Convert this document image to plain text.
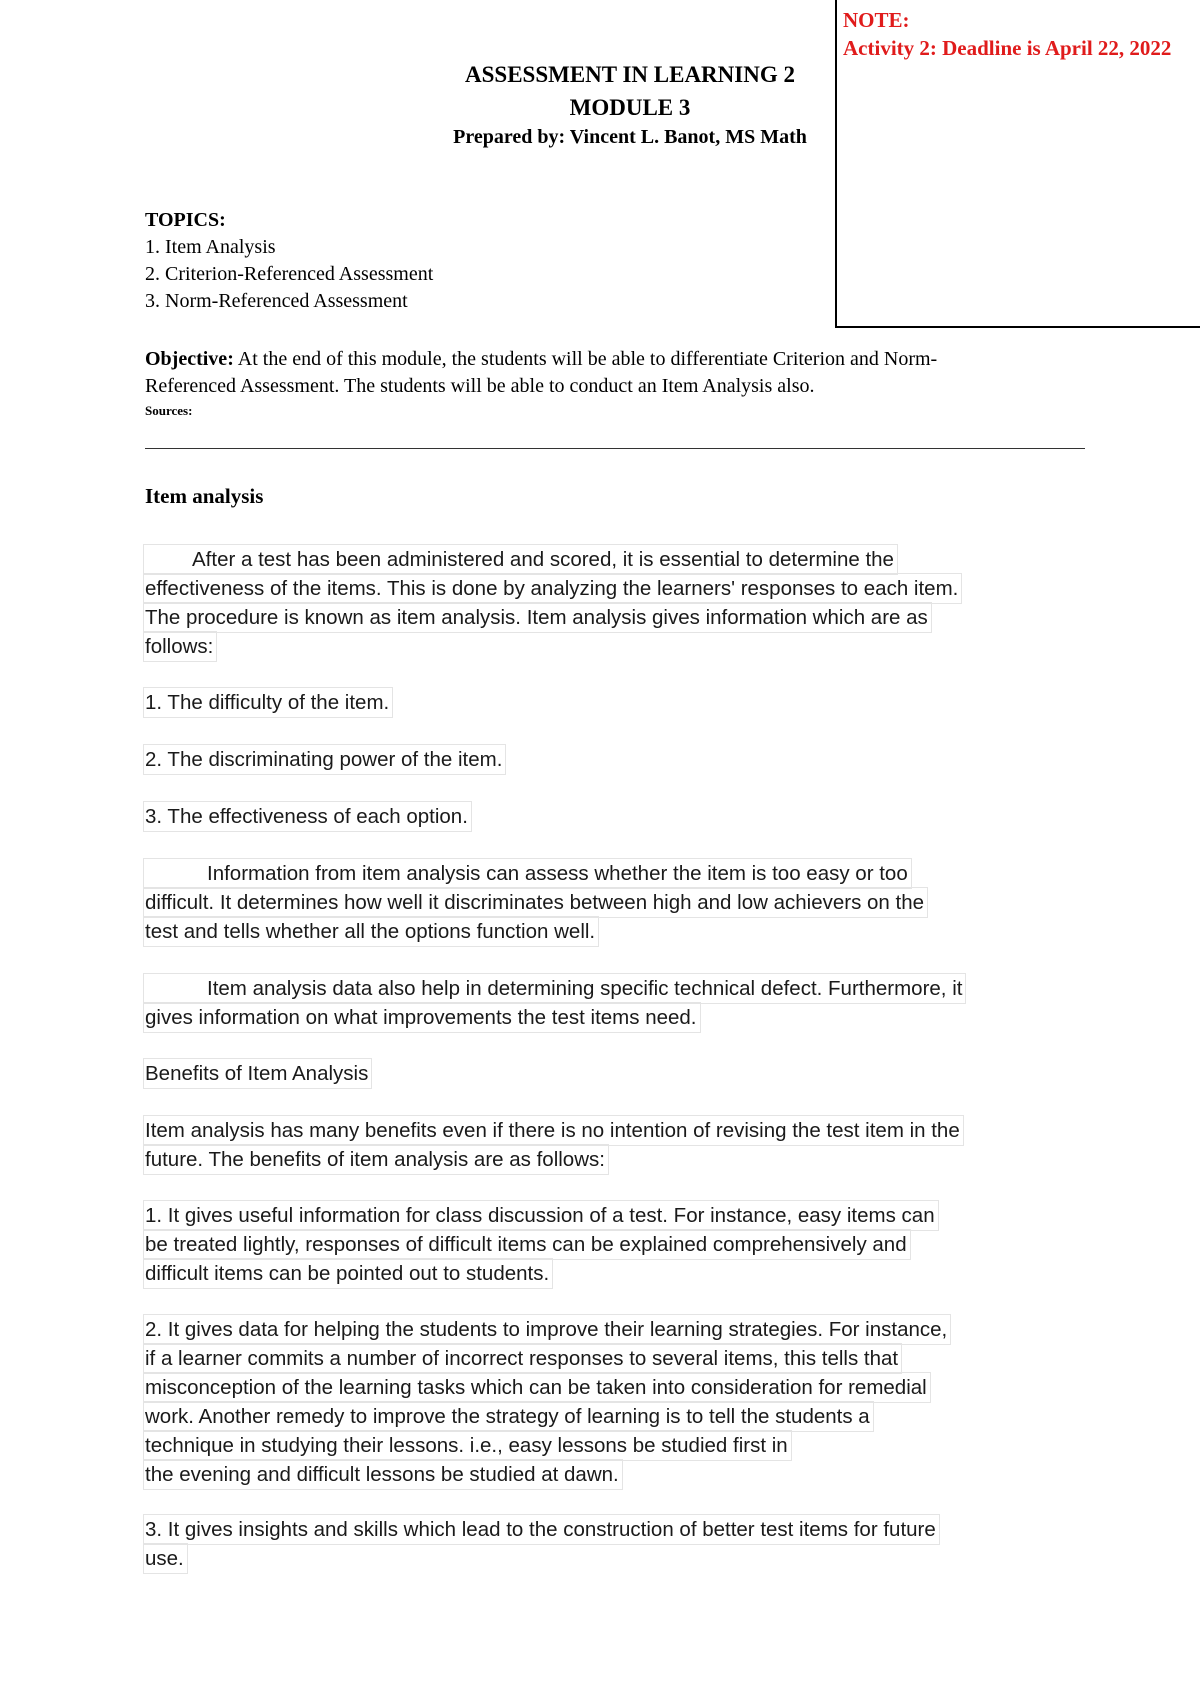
ASSESSMENT IN LEARNING 2
MODULE 3
Prepared by: Vincent L. Banot, MS Math
NOTE:
Activity 2: Deadline is April 22, 2022
TOPICS:
1. Item Analysis
2. Criterion-Referenced Assessment
3. Norm-Referenced Assessment
Objective: At the end of this module, the students will be able to differentiate Criterion and Norm-
Referenced Assessment. The students will be able to conduct an Item Analysis also.
Sources:
Item analysis
After a test has been administered and scored, it is essential to determine the
effectiveness of the items. This is done by analyzing the learners' responses to each item.
The procedure is known as item analysis. Item analysis gives information which are as
follows:
1. The difficulty of the item.
2. The discriminating power of the item.
3. The effectiveness of each option.
Information from item analysis can assess whether the item is too easy or too
difficult. It determines how well it discriminates between high and low achievers on the
test and tells whether all the options function well.
Item analysis data also help in determining specific technical defect. Furthermore, it
gives information on what improvements the test items need.
Benefits of Item Analysis
Item analysis has many benefits even if there is no intention of revising the test item in the
future. The benefits of item analysis are as follows:
1. It gives useful information for class discussion of a test. For instance, easy items can
be treated lightly, responses of difficult items can be explained comprehensively and
difficult items can be pointed out to students.
2. It gives data for helping the students to improve their learning strategies. For instance,
if a learner commits a number of incorrect responses to several items, this tells that
misconception of the learning tasks which can be taken into consideration for remedial
work. Another remedy to improve the strategy of learning is to tell the students a
technique in studying their lessons. i.e., easy lessons be studied first in
the evening and difficult lessons be studied at dawn.
3. It gives insights and skills which lead to the construction of better test items for future
use.
